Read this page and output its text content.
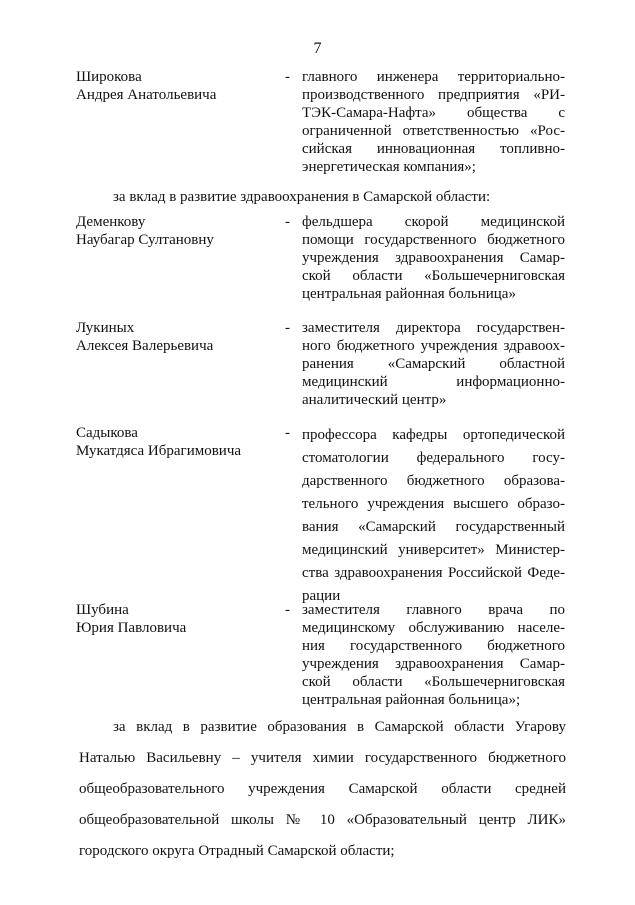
7
Широкова
Андрея Анатольевича
- главного инженера территориально-
производственного предприятия «РИ-
ТЭК-Самара-Нафта» общества с
ограниченной ответственностью «Рос-
сийская инновационная топливно-
энергетическая компания»;
за вклад в развитие здравоохранения в Самарской области:
Деменкову
Наубагар Султановну
- фельдшера скорой медицинской
помощи государственного бюджетного
учреждения здравоохранения Самар-
ской области «Большечерниговская
центральная районная больница»
Лукиных
Алексея Валерьевича
- заместителя директора государствен-
ного бюджетного учреждения здравоох-
ранения «Самарский областной
медицинский информационно-
аналитический центр»
Садыкова
Мукатдяса Ибрагимовича
- профессора кафедры ортопедической
стоматологии федерального госу-
дарственного бюджетного образова-
тельного учреждения высшего образо-
вания «Самарский государственный
медицинский университет» Министер-
ства здравоохранения Российской Феде-
рации
Шубина
Юрия Павловича
- заместителя главного врача по
медицинскому обслуживанию населе-
ния государственного бюджетного
учреждения здравоохранения Самар-
ской области «Большечерниговская
центральная районная больница»;
за вклад в развитие образования в Самарской области Угарову
Наталью Васильевну – учителя химии государственного бюджетного
общеобразовательного учреждения Самарской области средней
общеобразовательной школы № 10 «Образовательный центр ЛИК»
городского округа Отрадный Самарской области;
